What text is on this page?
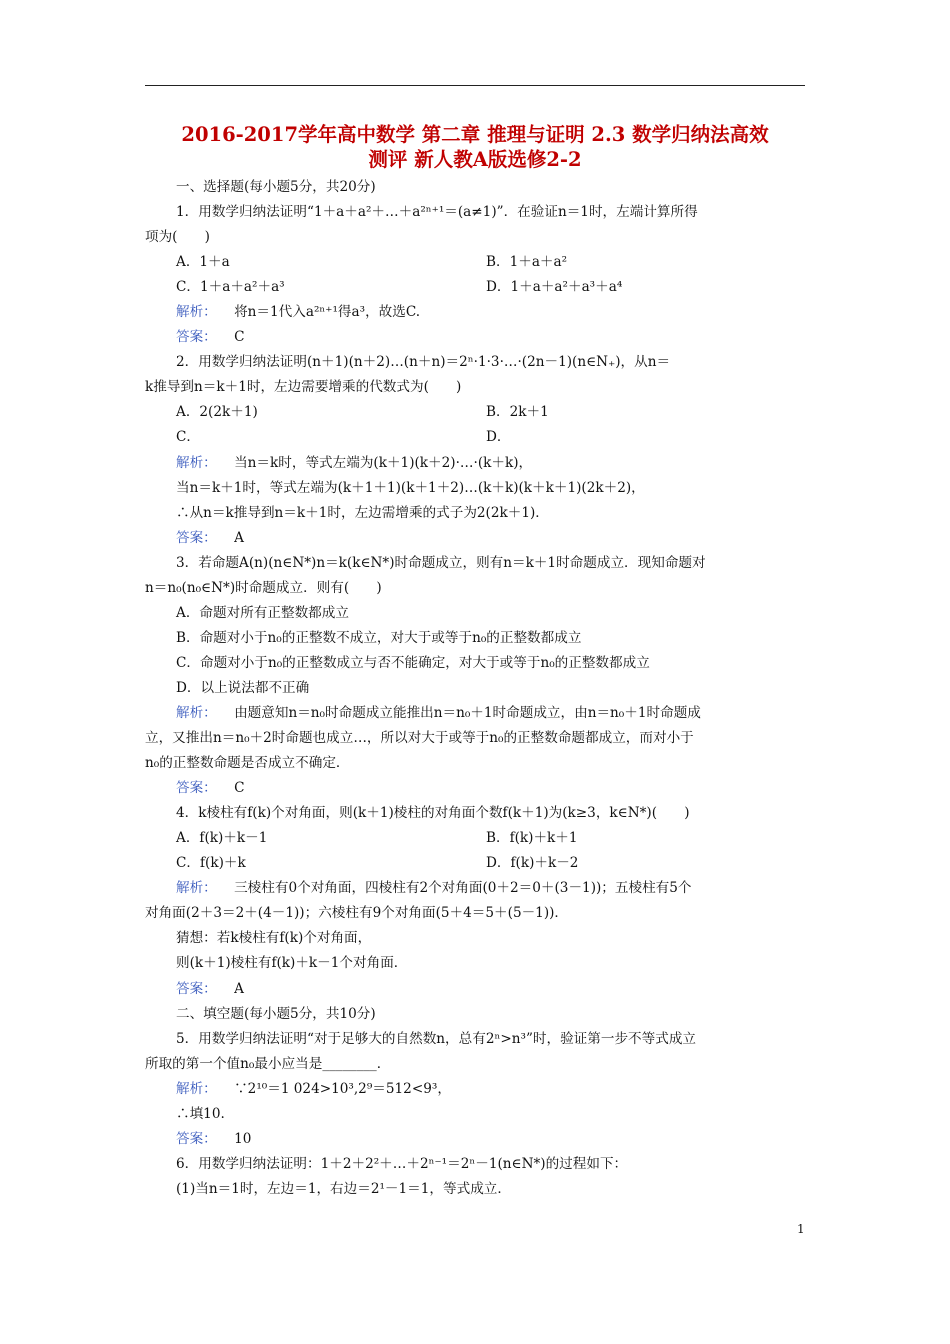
2016-2017学年高中数学 第二章 推理与证明 2.3 数学归纳法高效
测评 新人教A版选修2-2
一、选择题(每小题5分，共20分)
1．用数学归纳法证明“1＋a＋a²＋…＋a²ⁿ⁺¹＝(a≠1)”．在验证n＝1时，左端计算所得
项为(　　)
A．1＋a	B．1＋a＋a²
C．1＋a＋a²＋a³	D．1＋a＋a²＋a³＋a⁴
解析： 将n＝1代入a²ⁿ⁺¹得a³，故选C.
答案： C
2．用数学归纳法证明(n＋1)(n＋2)…(n＋n)＝2ⁿ·1·3·…·(2n－1)(n∈N₊)，从n＝
k推导到n＝k＋1时，左边需要增乘的代数式为(　　)
A．2(2k＋1)	B．2k＋1
C．	D．
解析： 当n＝k时，等式左端为(k＋1)(k＋2)·…·(k＋k)，
当n＝k＋1时，等式左端为(k＋1＋1)(k＋1＋2)…(k＋k)(k＋k＋1)(2k＋2)，
∴从n＝k推导到n＝k＋1时，左边需增乘的式子为2(2k＋1)．
答案： A
3．若命题A(n)(n∈N*)n＝k(k∈N*)时命题成立，则有n＝k＋1时命题成立．现知命题对
n＝n₀(n₀∈N*)时命题成立．则有(　　)
A．命题对所有正整数都成立
B．命题对小于n₀的正整数不成立，对大于或等于n₀的正整数都成立
C．命题对小于n₀的正整数成立与否不能确定，对大于或等于n₀的正整数都成立
D．以上说法都不正确
解析： 由题意知n＝n₀时命题成立能推出n＝n₀＋1时命题成立，由n＝n₀＋1时命题成
立，又推出n＝n₀＋2时命题也成立…，所以对大于或等于n₀的正整数命题都成立，而对小于
n₀的正整数命题是否成立不确定．
答案： C
4．k棱柱有f(k)个对角面，则(k＋1)棱柱的对角面个数f(k＋1)为(k≥3，k∈N*)(　　)
A．f(k)＋k－1	B．f(k)＋k＋1
C．f(k)＋k	D．f(k)＋k－2
解析： 三棱柱有0个对角面，四棱柱有2个对角面(0＋2＝0＋(3－1))；五棱柱有5个
对角面(2＋3＝2＋(4－1))；六棱柱有9个对角面(5＋4＝5＋(5－1))．
猜想：若k棱柱有f(k)个对角面，
则(k＋1)棱柱有f(k)＋k－1个对角面．
答案： A
二、填空题(每小题5分，共10分)
5．用数学归纳法证明“对于足够大的自然数n，总有2ⁿ>n³”时，验证第一步不等式成立
所取的第一个值n₀最小应当是________．
解析： ∵2¹⁰＝1 024>10³,2⁹＝512<9³，
∴填10.
答案： 10
6．用数学归纳法证明：1＋2＋2²＋…＋2ⁿ⁻¹＝2ⁿ－1(n∈N*)的过程如下：
(1)当n＝1时，左边＝1，右边＝2¹－1＝1，等式成立．
1
